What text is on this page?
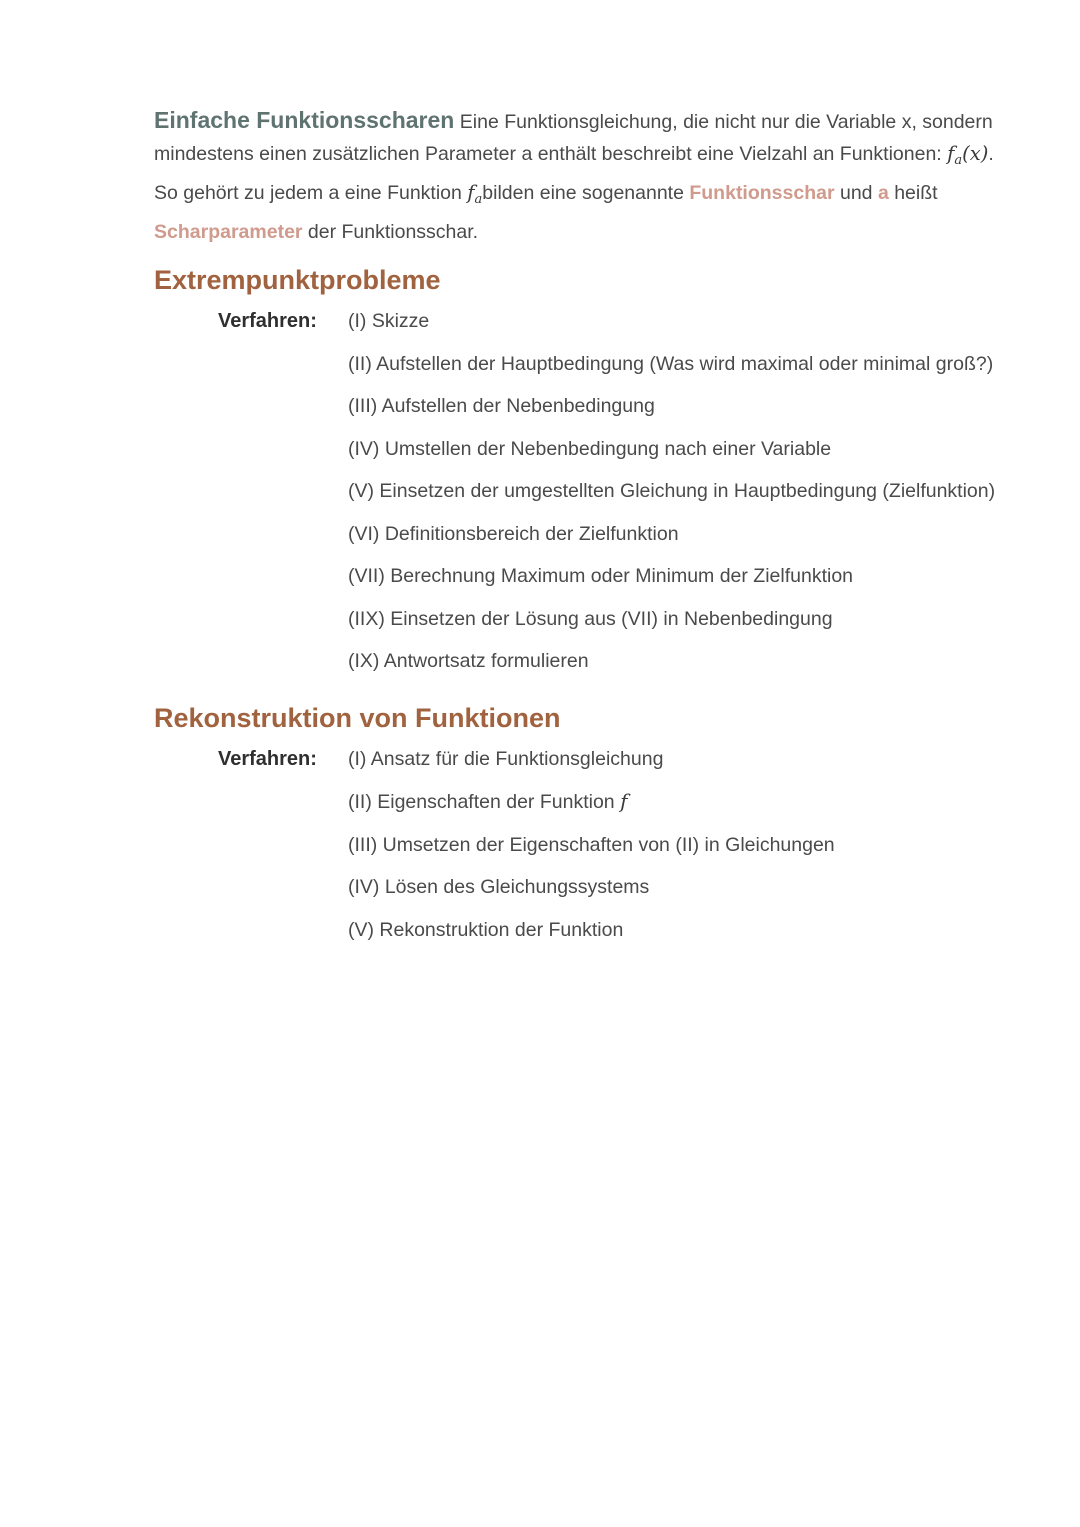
Einfache Funktionsscharen Eine Funktionsgleichung, die nicht nur die Variable x, sondern mindestens einen zusätzlichen Parameter a enthält beschreibt eine Vielzahl an Funktionen: $f_a(x)$. So gehört zu jedem a eine Funktion $f_abilden$ eine sogenannte Funktionsschar und a heißt Scharparameter der Funktionsschar.

Extrempunktprobleme
Verfahren:	(I) Skizze
(II) Aufstellen der Hauptbedingung (Was wird maximal oder minimal groß?)
(III) Aufstellen der Nebenbedingung
(IV) Umstellen der Nebenbedingung nach einer Variable
(V) Einsetzen der umgestellten Gleichung in Hauptbedingung (Zielfunktion)
(VI) Definitionsbereich der Zielfunktion
(VII) Berechnung Maximum oder Minimum der Zielfunktion
(IIX) Einsetzen der Lösung aus (VII) in Nebenbedingung
(IX) Antwortsatz formulieren
Rekonstruktion von Funktionen
Verfahren:	(I) Ansatz für die Funktionsgleichung
(II) Eigenschaften der Funktion f
(III) Umsetzen der Eigenschaften von (II) in Gleichungen
(IV) Lösen des Gleichungssystems
(V) Rekonstruktion der Funktion
